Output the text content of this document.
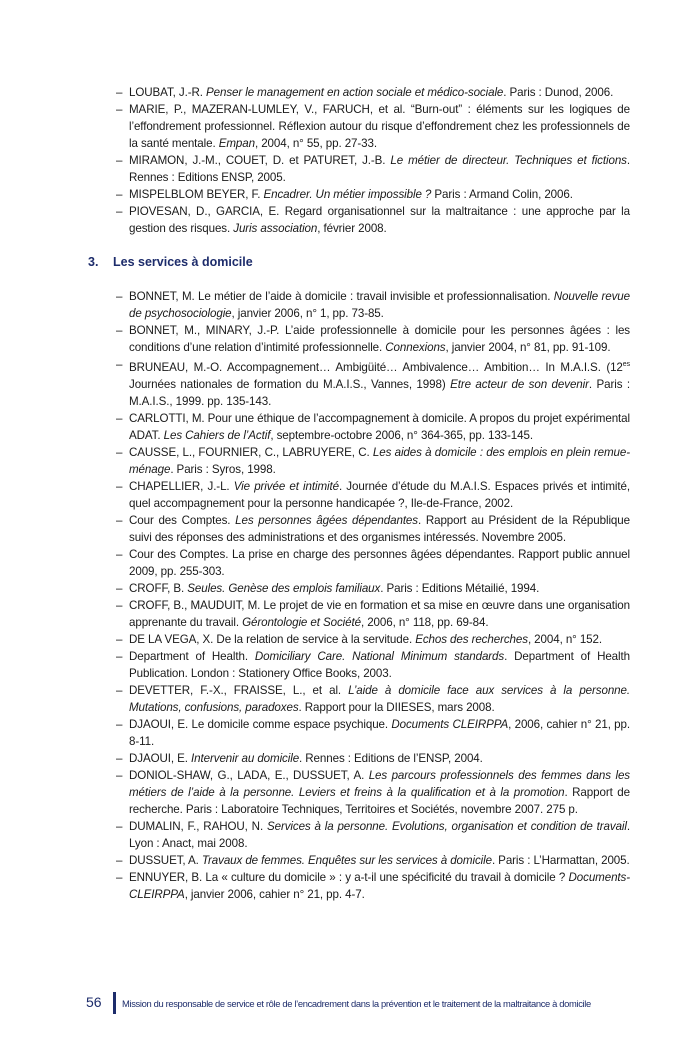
– LOUBAT, J.-R. Penser le management en action sociale et médico-sociale. Paris : Dunod, 2006.
– MARIE, P., MAZERAN-LUMLEY, V., FARUCH, et al. “Burn-out” : éléments sur les logiques de l’effondrement professionnel. Réflexion autour du risque d’effondrement chez les professionnels de la santé mentale. Empan, 2004, n° 55, pp. 27-33.
– MIRAMON, J.-M., COUET, D. et PATURET, J.-B. Le métier de directeur. Techniques et fictions. Rennes : Editions ENSP, 2005.
– MISPELBLOM BEYER, F. Encadrer. Un métier impossible ? Paris : Armand Colin, 2006.
– PIOVESAN, D., GARCIA, E. Regard organisationnel sur la maltraitance : une approche par la gestion des risques. Juris association, février 2008.
3. Les services à domicile
– BONNET, M. Le métier de l’aide à domicile : travail invisible et professionnalisation. Nouvelle revue de psychosociologie, janvier 2006, n° 1, pp. 73-85.
– BONNET, M., MINARY, J.-P. L’aide professionnelle à domicile pour les personnes âgées : les conditions d’une relation d’intimité professionnelle. Connexions, janvier 2004, n° 81, pp. 91-109.
– BRUNEAU, M.-O. Accompagnement… Ambigüité… Ambivalence… Ambition… In M.A.I.S. ($12^{es}$ Journées nationales de formation du M.A.I.S., Vannes, 1998) Etre acteur de son devenir. Paris : M.A.I.S., 1999. pp. 135-143.
– CARLOTTI, M. Pour une éthique de l’accompagnement à domicile. A propos du projet expérimental ADAT. Les Cahiers de l’Actif, septembre-octobre 2006, n° 364-365, pp. 133-145.
– CAUSSE, L., FOURNIER, C., LABRUYERE, C. Les aides à domicile : des emplois en plein remue-ménage. Paris : Syros, 1998.
– CHAPELLIER, J.-L. Vie privée et intimité. Journée d’étude du M.A.I.S. Espaces privés et intimité, quel accompagnement pour la personne handicapée ?, Ile-de-France, 2002.
– Cour des Comptes. Les personnes âgées dépendantes. Rapport au Président de la République suivi des réponses des administrations et des organismes intéressés. Novembre 2005.
– Cour des Comptes. La prise en charge des personnes âgées dépendantes. Rapport public annuel 2009, pp. 255-303.
– CROFF, B. Seules. Genèse des emplois familiaux. Paris : Editions Métailié, 1994.
– CROFF, B., MAUDUIT, M. Le projet de vie en formation et sa mise en œuvre dans une organisation apprenante du travail. Gérontologie et Société, 2006, n° 118, pp. 69-84.
– DE LA VEGA, X. De la relation de service à la servitude. Echos des recherches, 2004, n° 152.
– Department of Health. Domiciliary Care. National Minimum standards. Department of Health Publication. London : Stationery Office Books, 2003.
– DEVETTER, F.-X., FRAISSE, L., et al. L’aide à domicile face aux services à la personne. Mutations, confusions, paradoxes. Rapport pour la DIIESES, mars 2008.
– DJAOUI, E. Le domicile comme espace psychique. Documents CLEIRPPA, 2006, cahier n° 21, pp. 8-11.
– DJAOUI, E. Intervenir au domicile. Rennes : Editions de l’ENSP, 2004.
– DONIOL-SHAW, G., LADA, E., DUSSUET, A. Les parcours professionnels des femmes dans les métiers de l’aide à la personne. Leviers et freins à la qualification et à la promotion. Rapport de recherche. Paris : Laboratoire Techniques, Territoires et Sociétés, novembre 2007. 275 p.
– DUMALIN, F., RAHOU, N. Services à la personne. Evolutions, organisation et condition de travail. Lyon : Anact, mai 2008.
– DUSSUET, A. Travaux de femmes. Enquêtes sur les services à domicile. Paris : L’Harmattan, 2005.
– ENNUYER, B. La « culture du domicile » : y a-t-il une spécificité du travail à domicile ? Documents-CLEIRPPA, janvier 2006, cahier n° 21, pp. 4-7.
56 Mission du responsable de service et rôle de l’encadrement dans la prévention et le traitement de la maltraitance à domicile
